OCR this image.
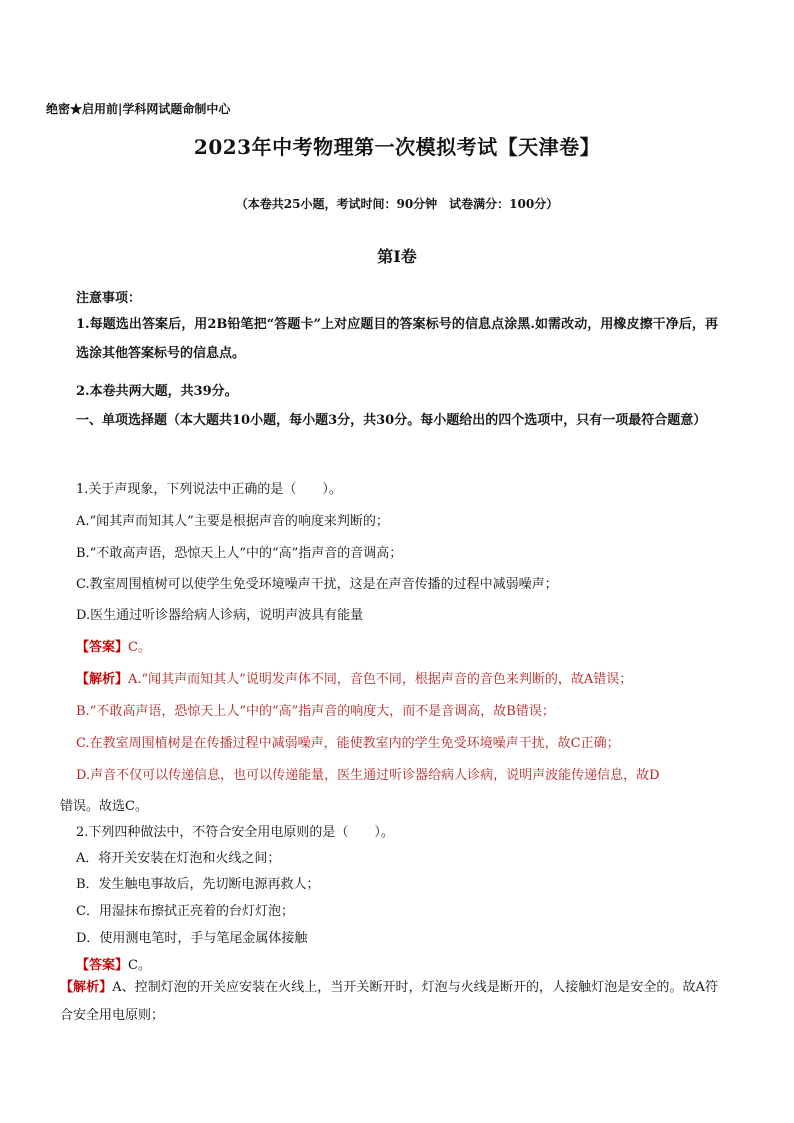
绝密★启用前|学科网试题命制中心
2023年中考物理第一次模拟考试【天津卷】
（本卷共25小题，考试时间：90分钟　试卷满分：100分）
第Ⅰ卷
注意事项：
1.每题选出答案后，用2B铅笔把“答题卡”上对应题目的答案标号的信息点涂黑.如需改动，用橡皮擦干净后，再选涂其他答案标号的信息点。
2.本卷共两大题，共39分。
一、单项选择题（本大题共10小题，每小题3分，共30分。每小题给出的四个选项中，只有一项最符合题意）
1.关于声现象，下列说法中正确的是（　　）。
A.“闻其声而知其人”主要是根据声音的响度来判断的；
B.“不敢高声语，恐惊天上人”中的“高”指声音的音调高；
C.教室周围植树可以使学生免受环境噪声干扰，这是在声音传播的过程中减弱噪声；
D.医生通过听诊器给病人诊病，说明声波具有能量
【答案】C。
【解析】A.“闻其声而知其人”说明发声体不同，音色不同，根据声音的音色来判断的，故A错误；
B.“不敢高声语，恐惊天上人”中的“高”指声音的响度大，而不是音调高，故B错误；
C.在教室周围植树是在传播过程中减弱噪声，能使教室内的学生免受环境噪声干扰，故C正确；
D.声音不仅可以传递信息，也可以传递能量，医生通过听诊器给病人诊病，说明声波能传递信息，故D
错误。故选C。
2.下列四种做法中，不符合安全用电原则的是（　　）。
A．将开关安装在灯泡和火线之间；
B．发生触电事故后，先切断电源再救人；
C．用湿抹布擦拭正亮着的台灯灯泡；
D．使用测电笔时，手与笔尾金属体接触
【答案】C。
【解析】A、控制灯泡的开关应安装在火线上，当开关断开时，灯泡与火线是断开的，人接触灯泡是安全的。故A符合安全用电原则；
